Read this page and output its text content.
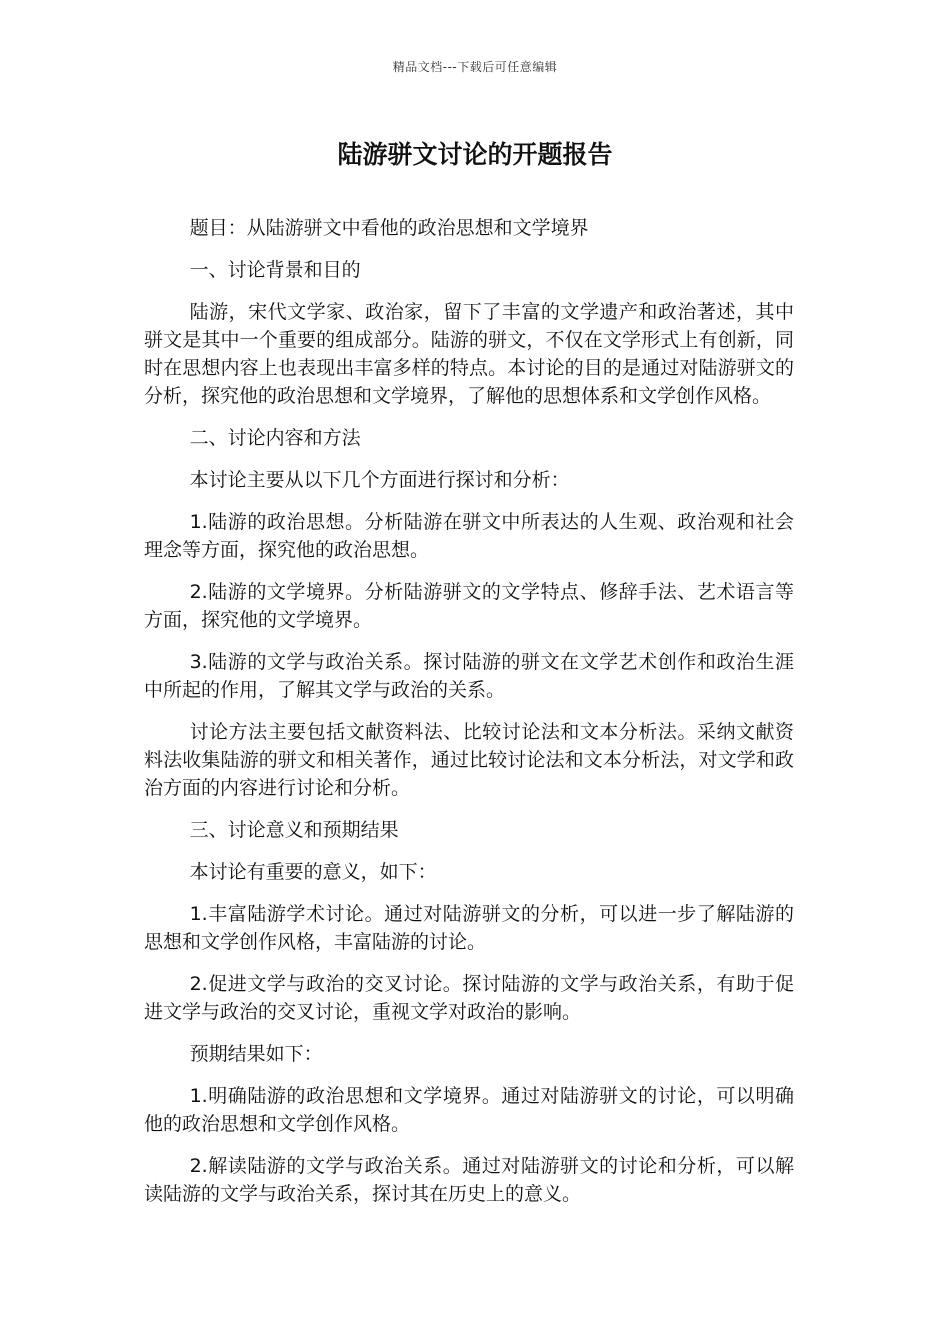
精品文档---下载后可任意编辑
陆游骈文讨论的开题报告

题目：从陆游骈文中看他的政治思想和文学境界

一、讨论背景和目的

陆游，宋代文学家、政治家，留下了丰富的文学遗产和政治著述，其中骈文是其中一个重要的组成部分。陆游的骈文，不仅在文学形式上有创新，同时在思想内容上也表现出丰富多样的特点。本讨论的目的是通过对陆游骈文的分析，探究他的政治思想和文学境界，了解他的思想体系和文学创作风格。

二、讨论内容和方法

本讨论主要从以下几个方面进行探讨和分析：

1.陆游的政治思想。分析陆游在骈文中所表达的人生观、政治观和社会理念等方面，探究他的政治思想。

2.陆游的文学境界。分析陆游骈文的文学特点、修辞手法、艺术语言等方面，探究他的文学境界。

3.陆游的文学与政治关系。探讨陆游的骈文在文学艺术创作和政治生涯中所起的作用，了解其文学与政治的关系。

讨论方法主要包括文献资料法、比较讨论法和文本分析法。采纳文献资料法收集陆游的骈文和相关著作，通过比较讨论法和文本分析法，对文学和政治方面的内容进行讨论和分析。

三、讨论意义和预期结果

本讨论有重要的意义，如下：

1.丰富陆游学术讨论。通过对陆游骈文的分析，可以进一步了解陆游的思想和文学创作风格，丰富陆游的讨论。

2.促进文学与政治的交叉讨论。探讨陆游的文学与政治关系，有助于促进文学与政治的交叉讨论，重视文学对政治的影响。

预期结果如下：

1.明确陆游的政治思想和文学境界。通过对陆游骈文的讨论，可以明确他的政治思想和文学创作风格。

2.解读陆游的文学与政治关系。通过对陆游骈文的讨论和分析，可以解读陆游的文学与政治关系，探讨其在历史上的意义。
